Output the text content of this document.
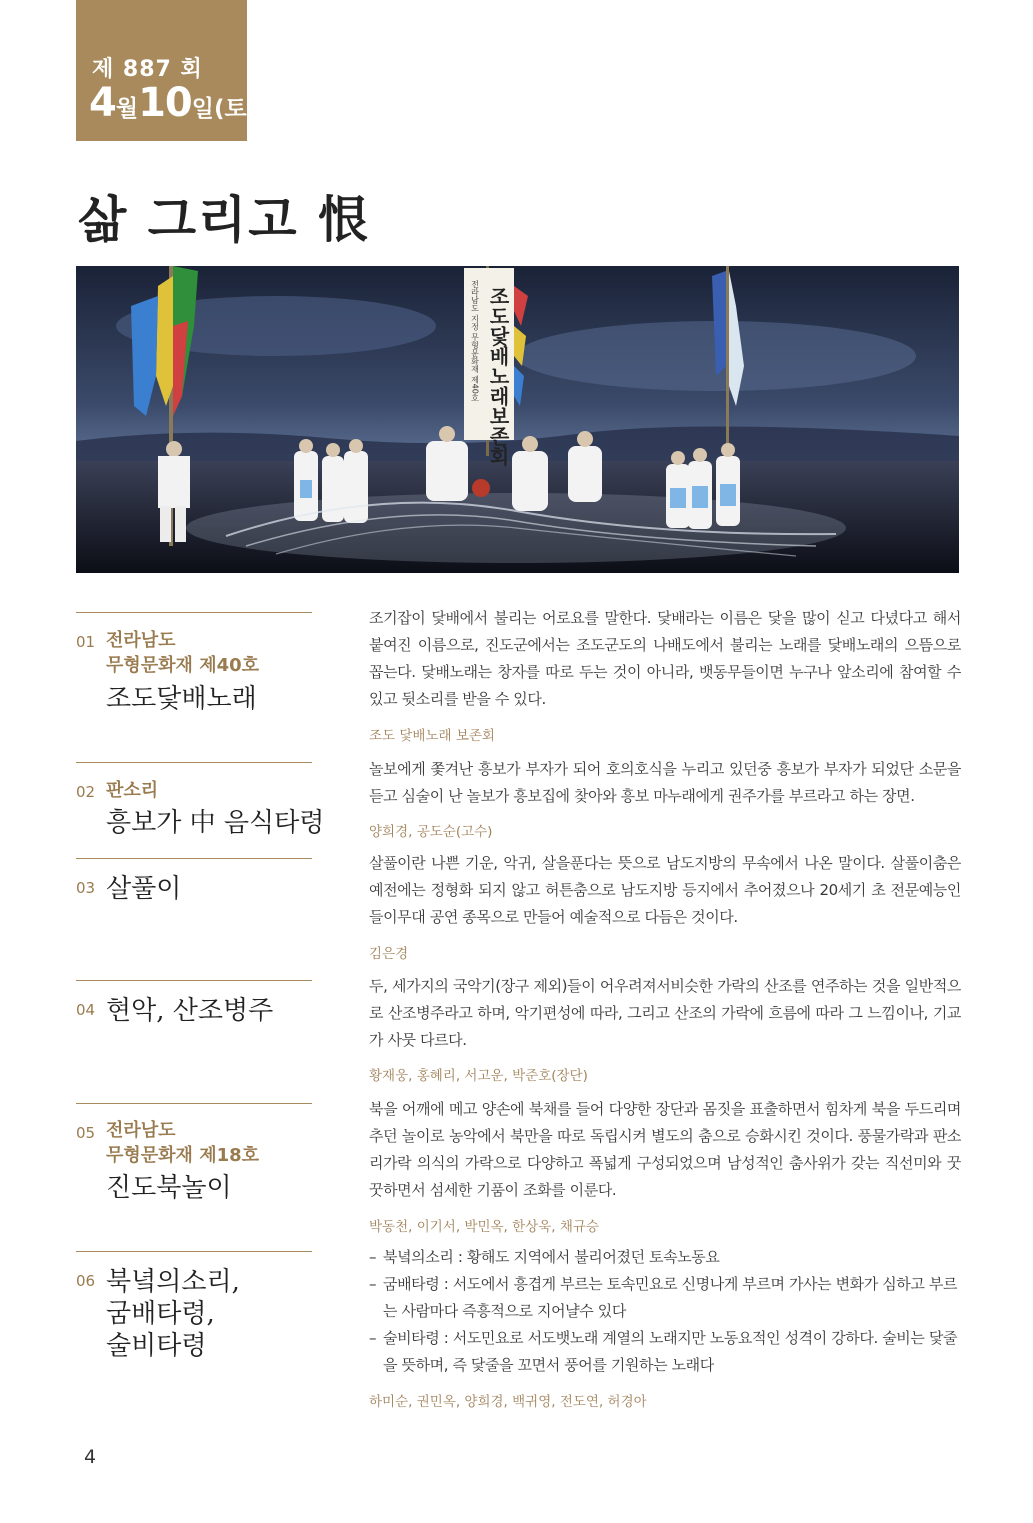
제 887 회
4월10일(토)
삶 그리고 恨
조도닻배노래보존회
전라남도 지정 무형문화재 제40호
01 전라남도
무형문화재 제40호
조도닻배노래

조기잡이 닻배에서 불리는 어로요를 말한다. 닻배라는 이름은 닻을 많이 싣고 다녔다고 해서 붙여진 이름으로, 진도군에서는 조도군도의 나배도에서 불리는 노래를 닻배노래의 으뜸으로 꼽는다. 닻배노래는 창자를 따로 두는 것이 아니라, 뱃동무들이면 누구나 앞소리에 참여할 수 있고 뒷소리를 받을 수 있다.

조도 닻배노래 보존회
02 판소리
흥보가 中 음식타령

놀보에게 쫓겨난 흥보가 부자가 되어 호의호식을 누리고 있던중 흥보가 부자가 되었단 소문을 듣고 심술이 난 놀보가 흥보집에 찾아와 흥보 마누래에게 권주가를 부르라고 하는 장면.

양희경, 공도순(고수)
03 살풀이

살풀이란 나쁜 기운, 악귀, 살을푼다는 뜻으로 남도지방의 무속에서 나온 말이다. 살풀이춤은 예전에는 정형화 되지 않고 허튼춤으로 남도지방 등지에서 추어졌으나 20세기 초 전문예능인들이무대 공연 종목으로 만들어 예술적으로 다듬은 것이다.

김은경
04 현악, 산조병주

두, 세가지의 국악기(장구 제외)들이 어우려져서비슷한 가락의 산조를 연주하는 것을 일반적으로 산조병주라고 하며, 악기편성에 따라, 그리고 산조의 가락에 흐름에 따라 그 느낌이나, 기교가 사뭇 다르다.

황재웅, 홍혜리, 서고운, 박준호(장단)
05 전라남도
무형문화재 제18호
진도북놀이

북을 어깨에 메고 양손에 북채를 들어 다양한 장단과 몸짓을 표출하면서 힘차게 북을 두드리며 추던 놀이로 농악에서 북만을 따로 독립시켜 별도의 춤으로 승화시킨 것이다. 풍물가락과 판소리가락 의식의 가락으로 다양하고 폭넓게 구성되었으며 남성적인 춤사위가 갖는 직선미와 꿋꿋하면서 섬세한 기품이 조화를 이룬다.

박동천, 이기서, 박민옥, 한상욱, 채규승
06 북녘의소리,
굼배타령,
술비타령
– 북녘의소리 : 황해도 지역에서 불리어졌던 토속노동요
– 굼배타령 : 서도에서 흥겹게 부르는 토속민요로 신명나게 부르며 가사는 변화가 심하고 부르는 사람마다 즉흥적으로 지어냘수 있다
– 술비타령 : 서도민요로 서도뱃노래 계열의 노래지만 노동요적인 성격이 강하다. 술비는 닻줄을 뜻하며, 즉 닻줄을 꼬면서 풍어를 기원하는 노래다
하미순, 권민옥, 양희경, 백귀영, 전도연, 허경아
4
